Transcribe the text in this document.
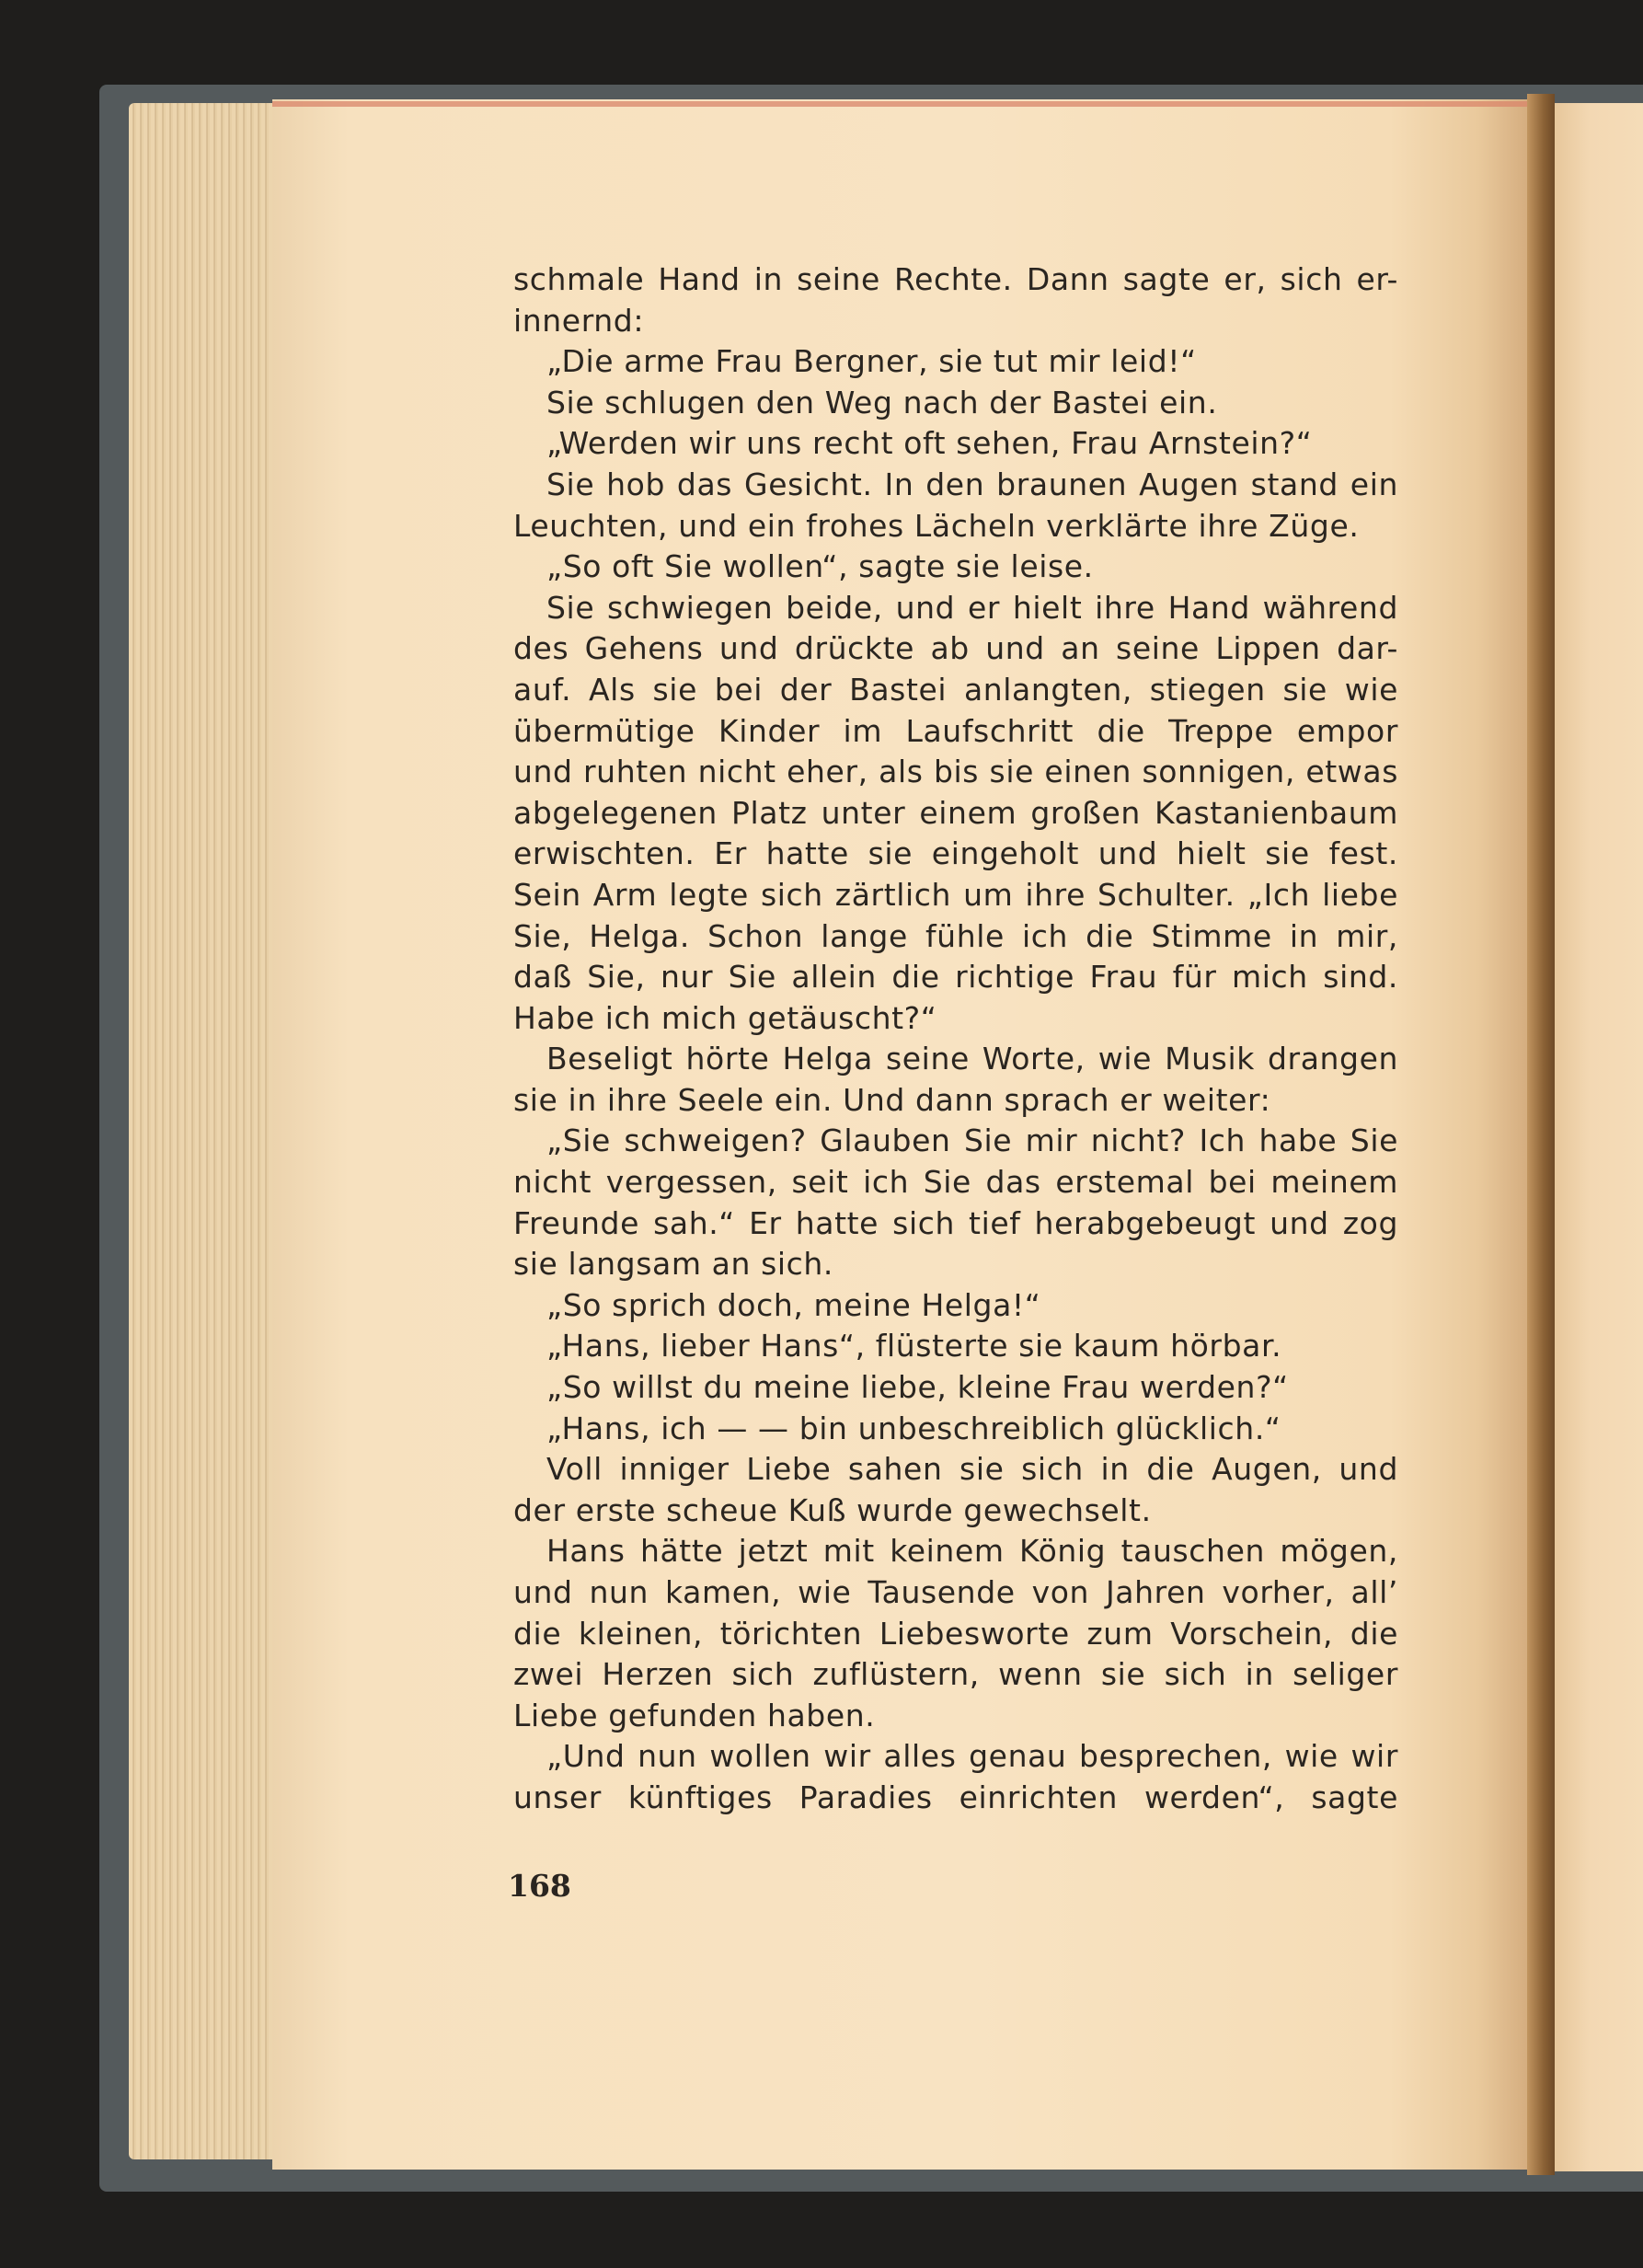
schmale Hand in seine Rechte. Dann sagte er, sich er-
innernd:
„Die arme Frau Bergner, sie tut mir leid!“
Sie schlugen den Weg nach der Bastei ein.
„Werden wir uns recht oft sehen, Frau Arnstein?“
Sie hob das Gesicht. In den braunen Augen stand ein
Leuchten, und ein frohes Lächeln verklärte ihre Züge.
„So oft Sie wollen“, sagte sie leise.
Sie schwiegen beide, und er hielt ihre Hand während
des Gehens und drückte ab und an seine Lippen dar-
auf. Als sie bei der Bastei anlangten, stiegen sie wie
übermütige Kinder im Laufschritt die Treppe empor
und ruhten nicht eher, als bis sie einen sonnigen, etwas
abgelegenen Platz unter einem großen Kastanienbaum
erwischten. Er hatte sie eingeholt und hielt sie fest.
Sein Arm legte sich zärtlich um ihre Schulter. „Ich liebe
Sie, Helga. Schon lange fühle ich die Stimme in mir,
daß Sie, nur Sie allein die richtige Frau für mich sind.
Habe ich mich getäuscht?“
Beseligt hörte Helga seine Worte, wie Musik drangen
sie in ihre Seele ein. Und dann sprach er weiter:
„Sie schweigen? Glauben Sie mir nicht? Ich habe Sie
nicht vergessen, seit ich Sie das erstemal bei meinem
Freunde sah.“ Er hatte sich tief herabgebeugt und zog
sie langsam an sich.
„So sprich doch, meine Helga!“
„Hans, lieber Hans“, flüsterte sie kaum hörbar.
„So willst du meine liebe, kleine Frau werden?“
„Hans, ich — — bin unbeschreiblich glücklich.“
Voll inniger Liebe sahen sie sich in die Augen, und
der erste scheue Kuß wurde gewechselt.
Hans hätte jetzt mit keinem König tauschen mögen,
und nun kamen, wie Tausende von Jahren vorher, all’
die kleinen, törichten Liebesworte zum Vorschein, die
zwei Herzen sich zuflüstern, wenn sie sich in seliger
Liebe gefunden haben.
„Und nun wollen wir alles genau besprechen, wie wir
unser künftiges Paradies einrichten werden“, sagte
168
